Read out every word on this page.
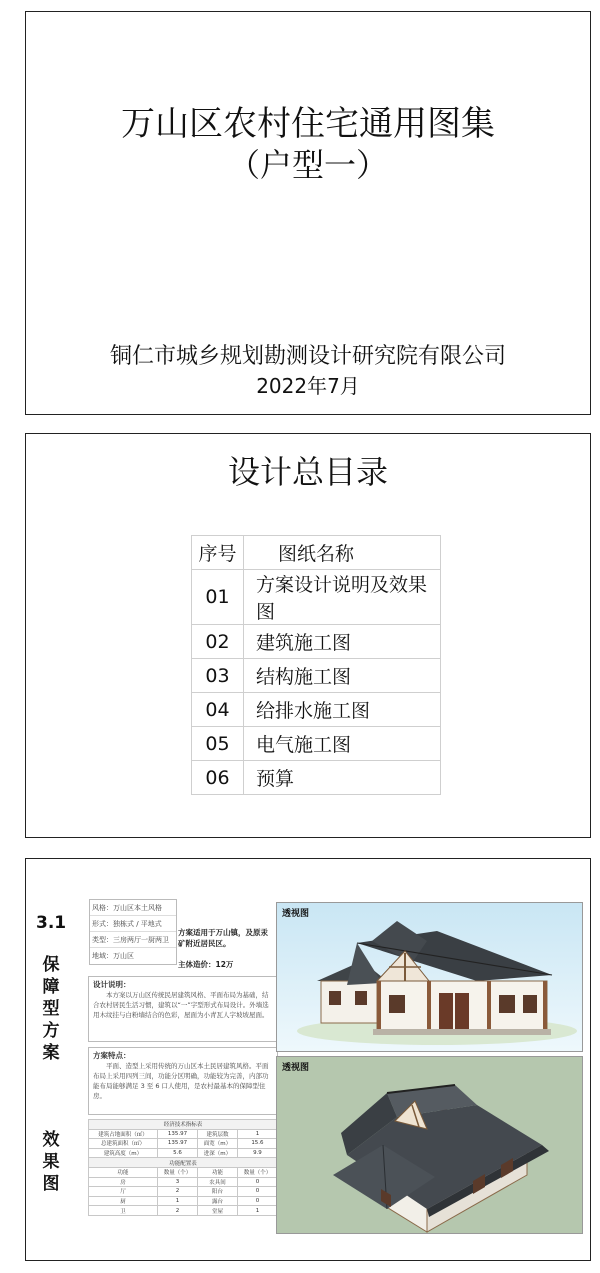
万山区农村住宅通用图集
（户型一）
铜仁市城乡规划勘测设计研究院有限公司
2022年7月
设计总目录
序号	图纸名称
01	方案设计说明及效果图
02	建筑施工图
03	结构施工图
04	给排水施工图
05	电气施工图
06	预算
3.1
保
障
型
方
案
效
果
图
风格：万山区本土风格
形式：独栋式 / 平地式
类型：三房两厅一厨两卫
地域：万山区
方案适用于万山镇，及原汞矿附近居民区。
主体造价：12万
设计说明：
本方案以万山区传统民居建筑风格、平面布局为基础，结合农村居民生活习惯，建筑以“一”字型形式布局设计。外墙选用木纹挂与白粉墙结合的色彩，屋面为小青瓦人字坡坡屋面。
方案特点：
平面、造型上采用传统的万山区本土民居建筑风格。平面布局上采用四列三间，功能分区明确，功能较为完善，内部功能布局能够满足 3 至 6 口人使用，是农村最基本的保障型住房。
经济技术指标表			
建筑占地面积（㎡）	135.97	建筑层数	1
总建筑面积（㎡）	135.97	面宽（m）	15.6
建筑高度（m）	5.6	进深（m）	9.9
功能配置表			
功能	数量（个）	功能	数量（个）
房	3	农具间	0
厅	2	阳台	0
厨	1	露台	0
卫	2	堂屋	1
透视图
透视图
